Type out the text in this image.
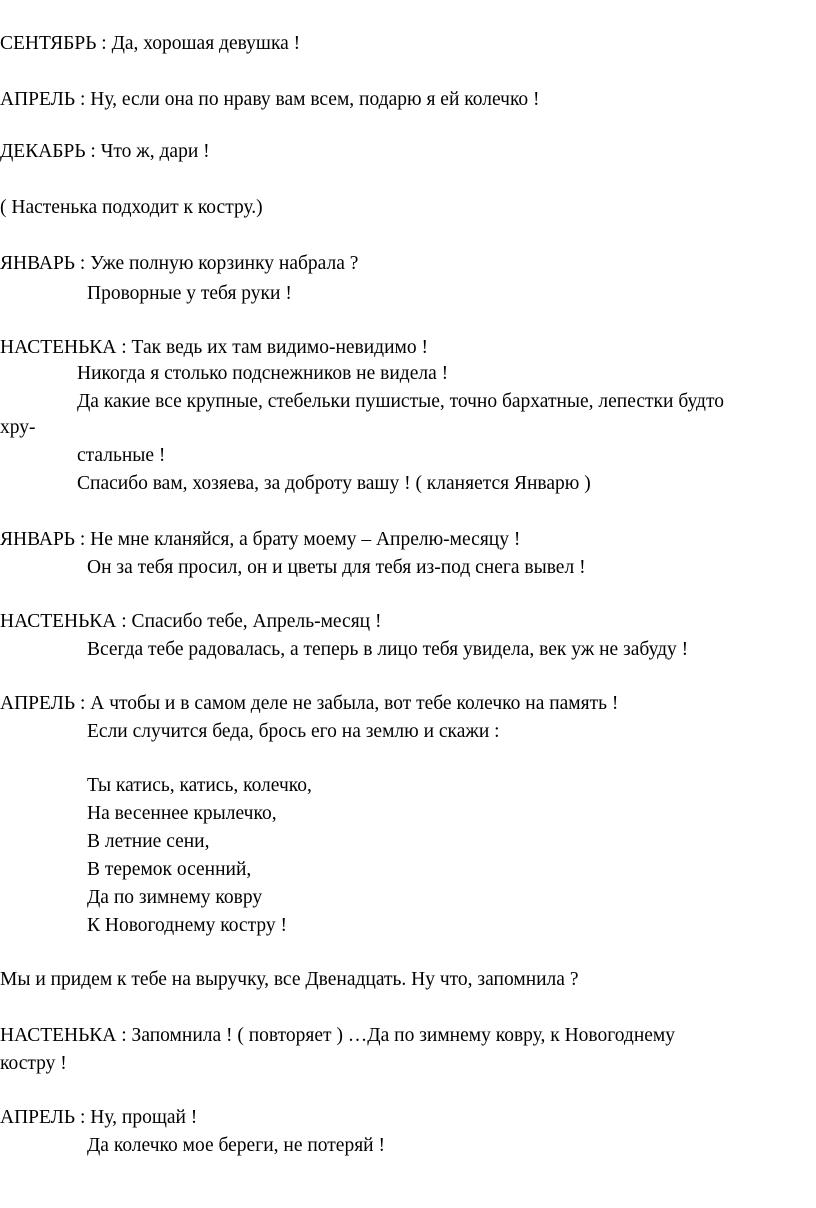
СЕНТЯБРЬ : Да, хорошая девушка !
АПРЕЛЬ : Ну, если она по нраву вам всем, подарю я ей колечко !
ДЕКАБРЬ : Что ж, дари !
( Настенька подходит к костру.)
ЯНВАРЬ : Уже полную корзинку набрала ?
Проворные у тебя руки !
НАСТЕНЬКА : Так ведь их там видимо-невидимо !
Никогда я столько подснежников не видела !
Да какие все крупные, стебельки пушистые, точно бархатные, лепестки будто
хру-
стальные !
Спасибо вам, хозяева, за доброту вашу ! ( кланяется Январю )
ЯНВАРЬ : Не мне кланяйся, а брату моему – Апрелю-месяцу !
Он за тебя просил, он и цветы для тебя из-под снега вывел !
НАСТЕНЬКА : Спасибо тебе, Апрель-месяц !
Всегда тебе радовалась, а теперь в лицо тебя увидела, век уж не забуду !
АПРЕЛЬ : А чтобы и в самом деле не забыла, вот тебе колечко на память !
Если случится беда, брось его на землю и скажи :
Ты катись, катись, колечко,
На весеннее крылечко,
В летние сени,
В теремок осенний,
Да по зимнему ковру
К Новогоднему костру !
Мы и придем к тебе на выручку, все Двенадцать. Ну что, запомнила ?
НАСТЕНЬКА : Запомнила ! ( повторяет ) …Да по зимнему ковру, к Новогоднему
костру !
АПРЕЛЬ : Ну, прощай !
Да колечко мое береги, не потеряй !
